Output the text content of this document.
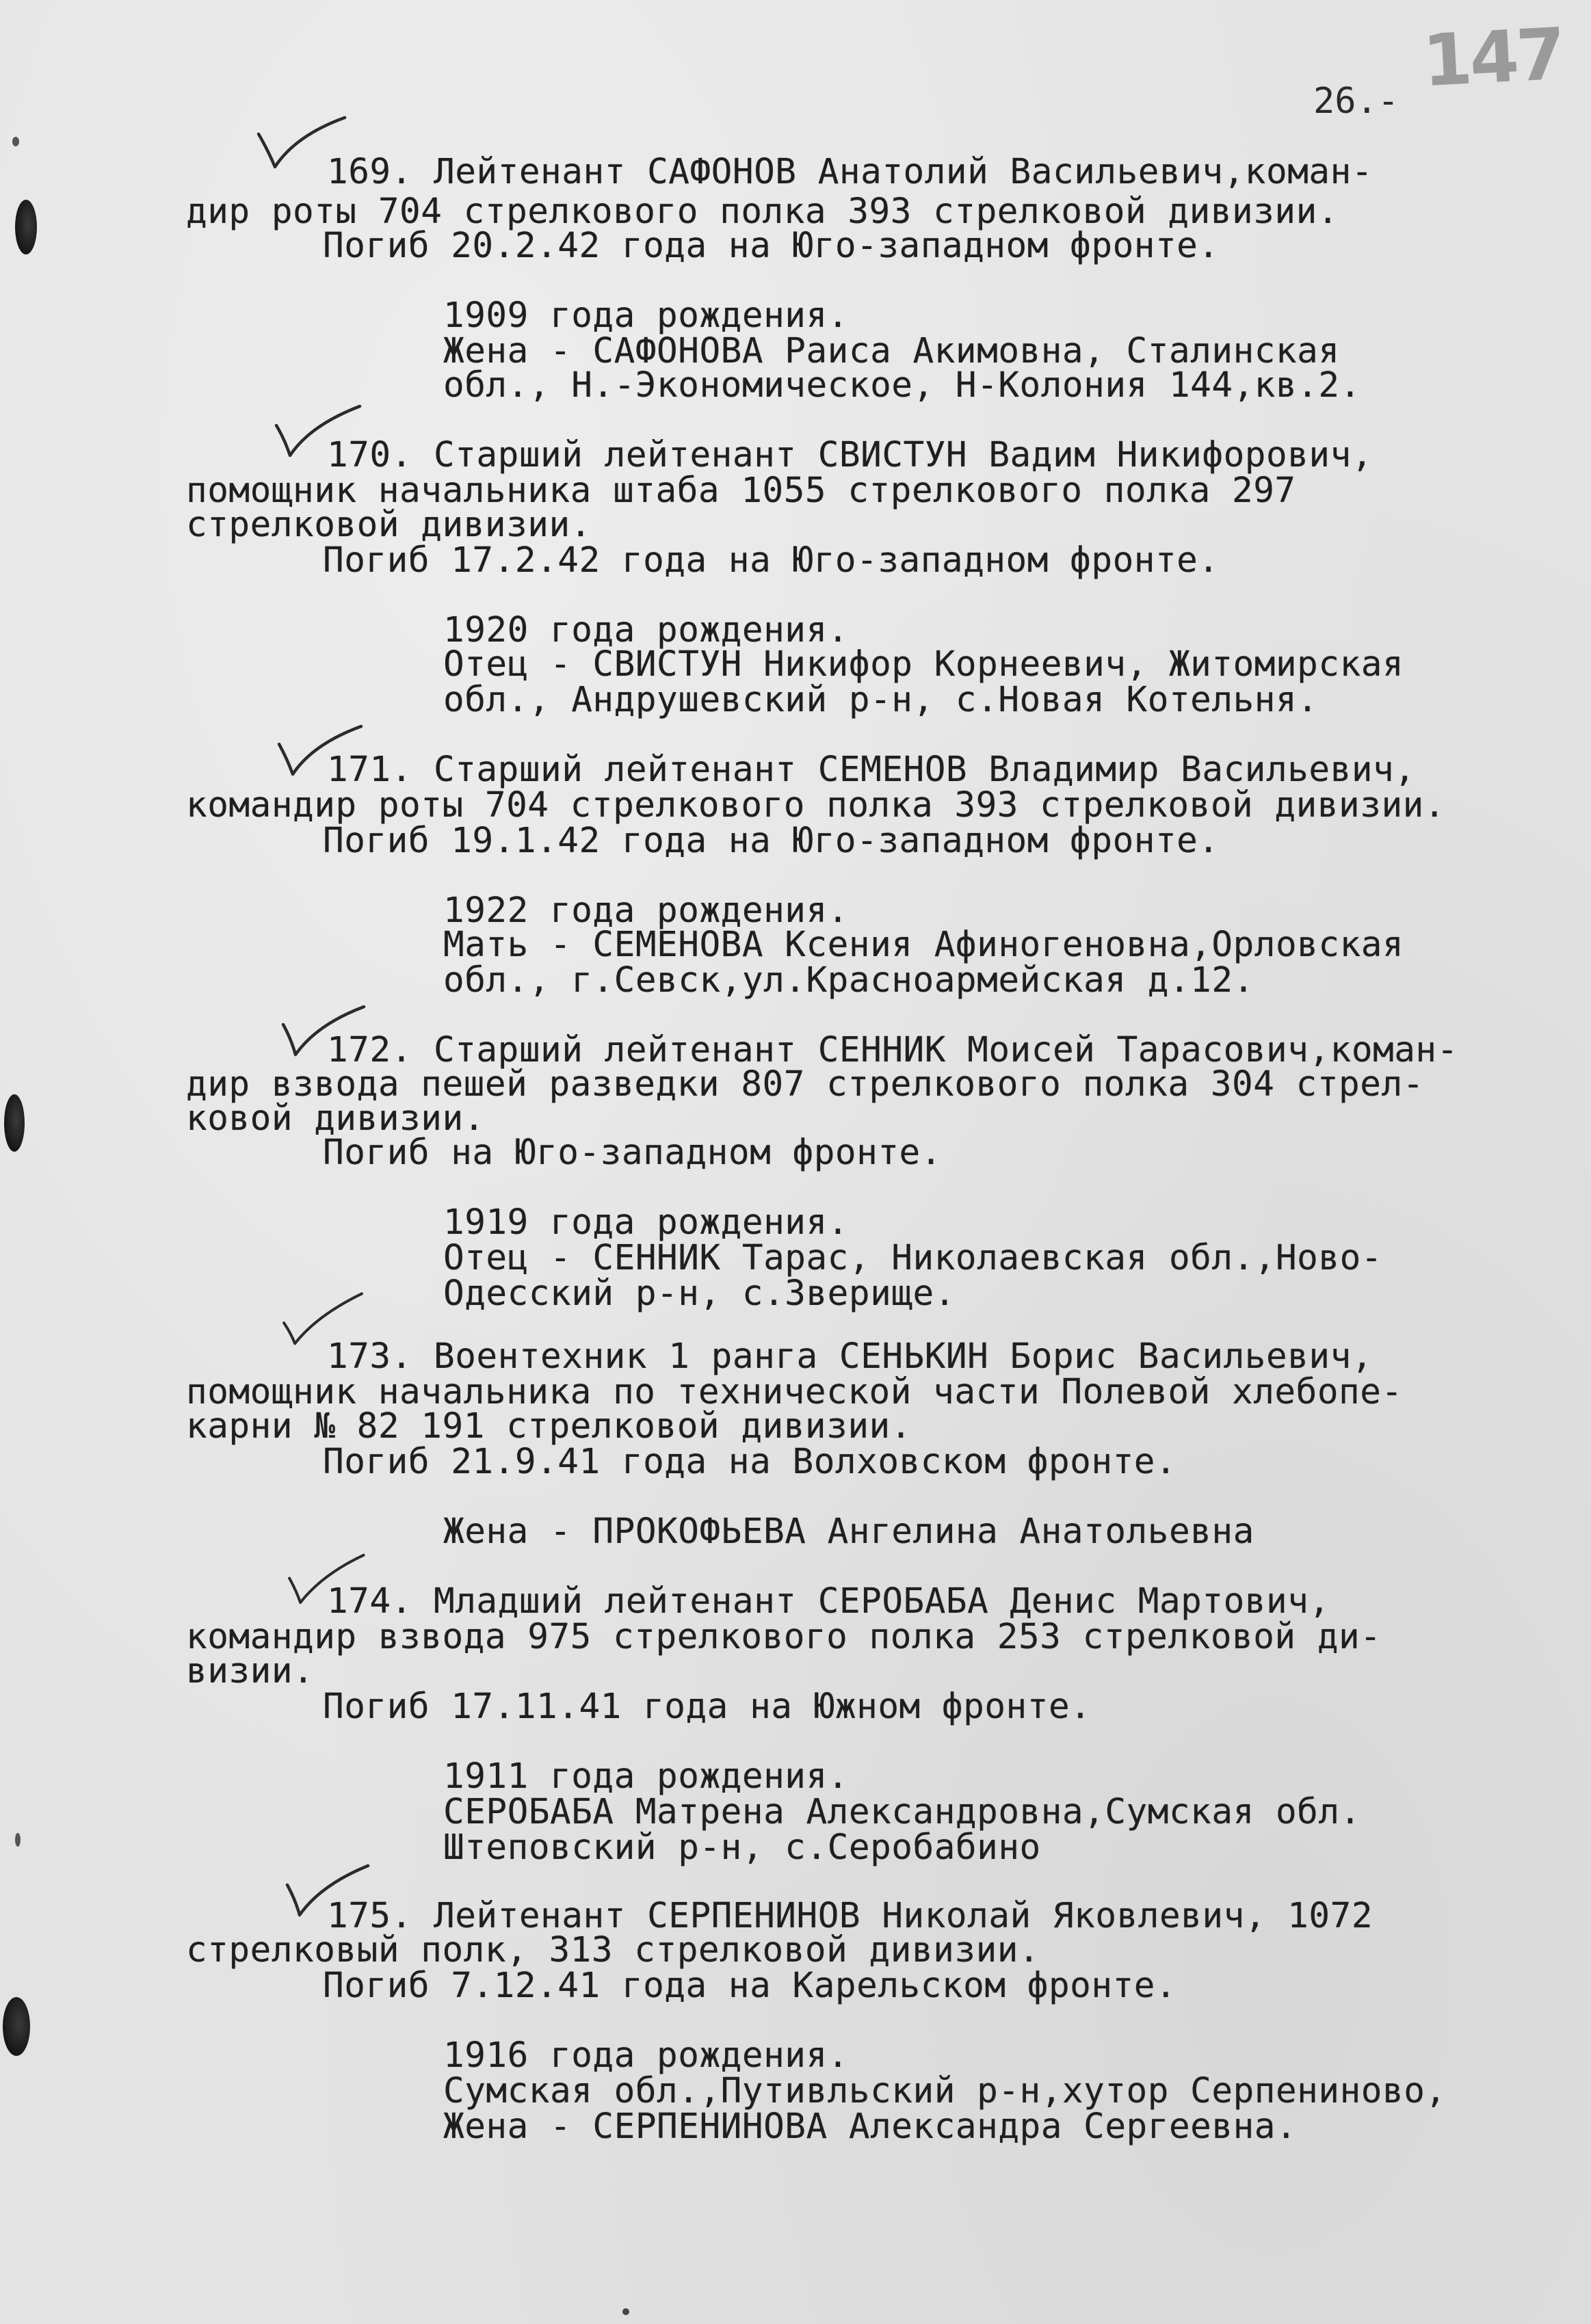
147
26.-
169. Лейтенант САФОНОВ Анатолий Васильевич,коман-
дир роты 704 стрелкового полка 393 стрелковой дивизии.
Погиб 20.2.42 года на Юго-западном фронте.
1909 года рождения.
Жена - САФОНОВА Раиса Акимовна, Сталинская
обл., Н.-Экономическое, Н-Колония 144,кв.2.
170. Старший лейтенант СВИСТУН Вадим Никифорович,
помощник начальника штаба 1055 стрелкового полка 297
стрелковой дивизии.
Погиб 17.2.42 года на Юго-западном фронте.
1920 года рождения.
Отец - СВИСТУН Никифор Корнеевич, Житомирская
обл., Андрушевский р-н, с.Новая Котельня.
171. Старший лейтенант СЕМЕНОВ Владимир Васильевич,
командир роты 704 стрелкового полка 393 стрелковой дивизии.
Погиб 19.1.42 года на Юго-западном фронте.
1922 года рождения.
Мать - СЕМЕНОВА Ксения Афиногеновна,Орловская
обл., г.Севск,ул.Красноармейская д.12.
172. Старший лейтенант СЕННИК Моисей Тарасович,коман-
дир взвода пешей разведки 807 стрелкового полка 304 стрел-
ковой дивизии.
Погиб на Юго-западном фронте.
1919 года рождения.
Отец - СЕННИК Тарас, Николаевская обл.,Ново-
Одесский р-н, с.Зверище.
173. Воентехник 1 ранга СЕНЬКИН Борис Васильевич,
помощник начальника по технической части Полевой хлебопе-
карни № 82 191 стрелковой дивизии.
Погиб 21.9.41 года на Волховском фронте.
Жена - ПРОКОФЬЕВА Ангелина Анатольевна
174. Младший лейтенант СЕРОБАБА Денис Мартович,
командир взвода 975 стрелкового полка 253 стрелковой ди-
визии.
Погиб 17.11.41 года на Южном фронте.
1911 года рождения.
СЕРОБАБА Матрена Александровна,Сумская обл.
Штеповский р-н, с.Серобабино
175. Лейтенант СЕРПЕНИНОВ Николай Яковлевич, 1072
стрелковый полк, 313 стрелковой дивизии.
Погиб 7.12.41 года на Карельском фронте.
1916 года рождения.
Сумская обл.,Путивльский р-н,хутор Серпениново,
Жена - СЕРПЕНИНОВА Александра Сергеевна.
